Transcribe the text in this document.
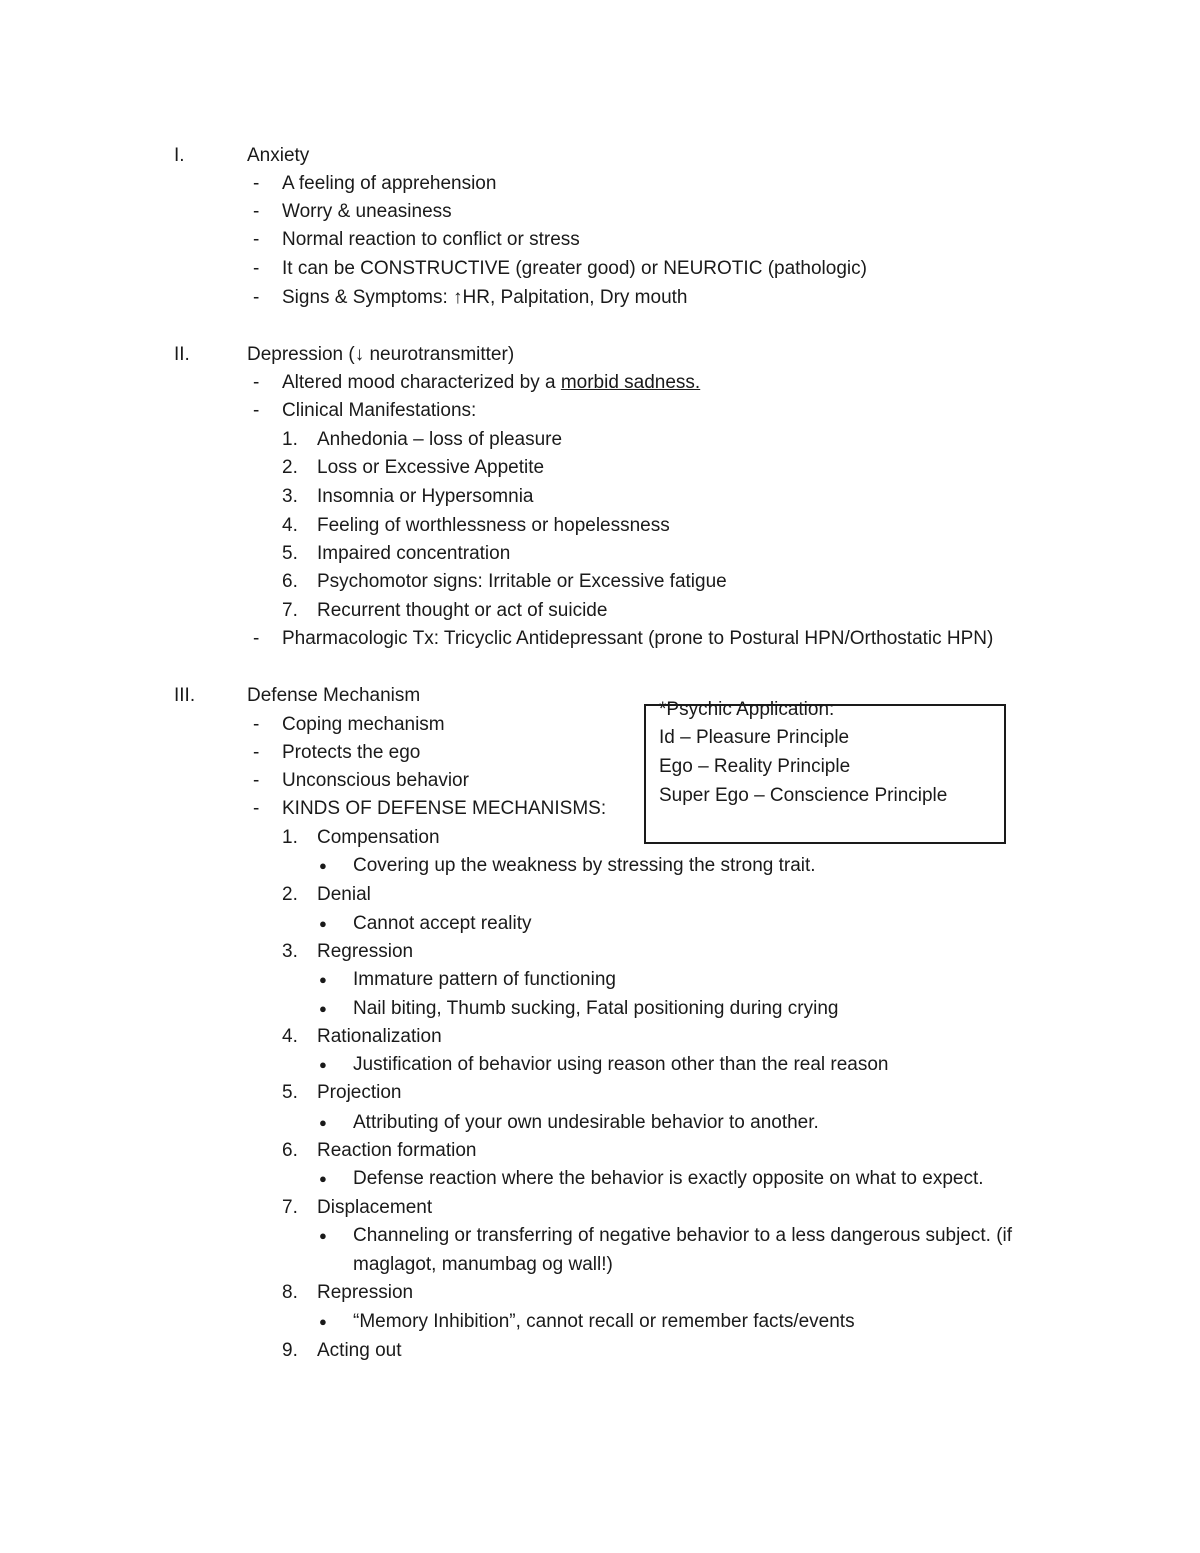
I.	Anxiety
- A feeling of apprehension
- Worry & uneasiness
- Normal reaction to conflict or stress
- It can be CONSTRUCTIVE (greater good) or NEUROTIC (pathologic)
- Signs & Symptoms: ↑HR, Palpitation, Dry mouth
II.	Depression (↓ neurotransmitter)
- Altered mood characterized by a morbid sadness.
- Clinical Manifestations:
1. Anhedonia – loss of pleasure
2. Loss or Excessive Appetite
3. Insomnia or Hypersomnia
4. Feeling of worthlessness or hopelessness
5. Impaired concentration
6. Psychomotor signs: Irritable or Excessive fatigue
7. Recurrent thought or act of suicide
- Pharmacologic Tx: Tricyclic Antidepressant (prone to Postural HPN/Orthostatic HPN)
III.	Defense Mechanism
- Coping mechanism
- Protects the ego
- Unconscious behavior
- KINDS OF DEFENSE MECHANISMS:
1. Compensation
● Covering up the weakness by stressing the strong trait.
2. Denial
● Cannot accept reality
3. Regression
● Immature pattern of functioning
● Nail biting, Thumb sucking, Fatal positioning during crying
4. Rationalization
● Justification of behavior using reason other than the real reason
5. Projection
● Attributing of your own undesirable behavior to another.
6. Reaction formation
● Defense reaction where the behavior is exactly opposite on what to expect.
7. Displacement
● Channeling or transferring of negative behavior to a less dangerous subject. (if
maglagot, manumbag og wall!)
8. Repression
● “Memory Inhibition”, cannot recall or remember facts/events
9. Acting out
*Psychic Application:
Id – Pleasure Principle
Ego – Reality Principle
Super Ego – Conscience Principle
